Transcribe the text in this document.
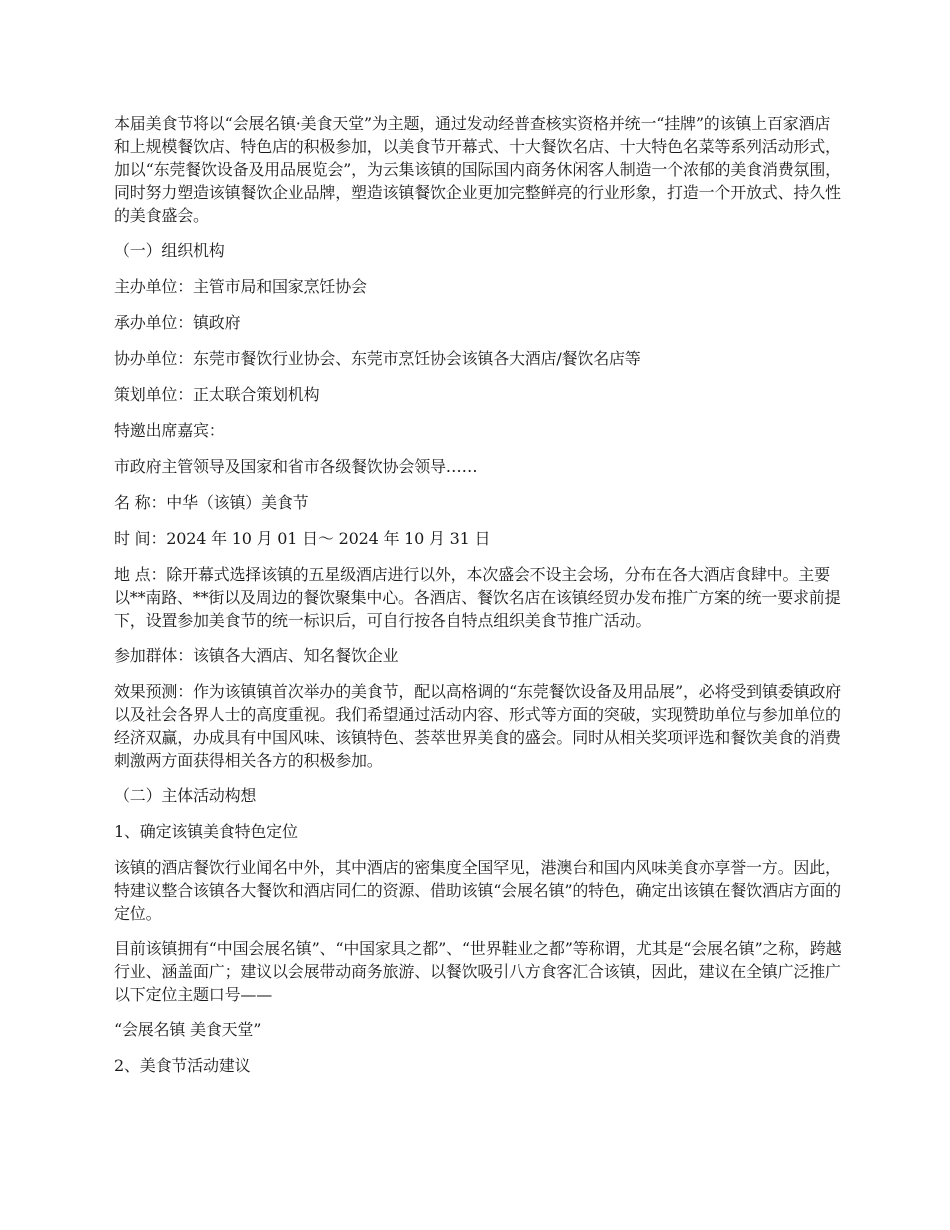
本届美食节将以“会展名镇·美食天堂”为主题，通过发动经普查核实资格并统一“挂牌”的该镇上百家酒店和上规模餐饮店、特色店的积极参加，以美食节开幕式、十大餐饮名店、十大特色名菜等系列活动形式，加以“东莞餐饮设备及用品展览会”，为云集该镇的国际国内商务休闲客人制造一个浓郁的美食消费氛围，同时努力塑造该镇餐饮企业品牌，塑造该镇餐饮企业更加完整鲜亮的行业形象，打造一个开放式、持久性的美食盛会。

（一）组织机构

主办单位：主管市局和国家烹饪协会

承办单位：镇政府

协办单位：东莞市餐饮行业协会、东莞市烹饪协会该镇各大酒店/餐饮名店等

策划单位：正太联合策划机构

特邀出席嘉宾：

市政府主管领导及国家和省市各级餐饮协会领导……

名 称：中华（该镇）美食节

时 间：2024 年 10 月 01 日～ 2024 年 10 月 31 日

地 点：除开幕式选择该镇的五星级酒店进行以外，本次盛会不设主会场，分布在各大酒店食肆中。主要以**南路、**街以及周边的餐饮聚集中心。各酒店、餐饮名店在该镇经贸办发布推广方案的统一要求前提下，设置参加美食节的统一标识后，可自行按各自特点组织美食节推广活动。

参加群体：该镇各大酒店、知名餐饮企业

效果预测：作为该镇镇首次举办的美食节，配以高格调的“东莞餐饮设备及用品展”，必将受到镇委镇政府以及社会各界人士的高度重视。我们希望通过活动内容、形式等方面的突破，实现赞助单位与参加单位的经济双赢，办成具有中国风味、该镇特色、荟萃世界美食的盛会。同时从相关奖项评选和餐饮美食的消费刺激两方面获得相关各方的积极参加。

（二）主体活动构想

1、确定该镇美食特色定位

该镇的酒店餐饮行业闻名中外，其中酒店的密集度全国罕见，港澳台和国内风味美食亦享誉一方。因此，特建议整合该镇各大餐饮和酒店同仁的资源、借助该镇“会展名镇”的特色，确定出该镇在餐饮酒店方面的定位。

目前该镇拥有“中国会展名镇”、“中国家具之都”、“世界鞋业之都”等称谓，尤其是“会展名镇”之称，跨越行业、涵盖面广；建议以会展带动商务旅游、以餐饮吸引八方食客汇合该镇，因此，建议在全镇广泛推广以下定位主题口号——

“会展名镇 美食天堂”

2、美食节活动建议
